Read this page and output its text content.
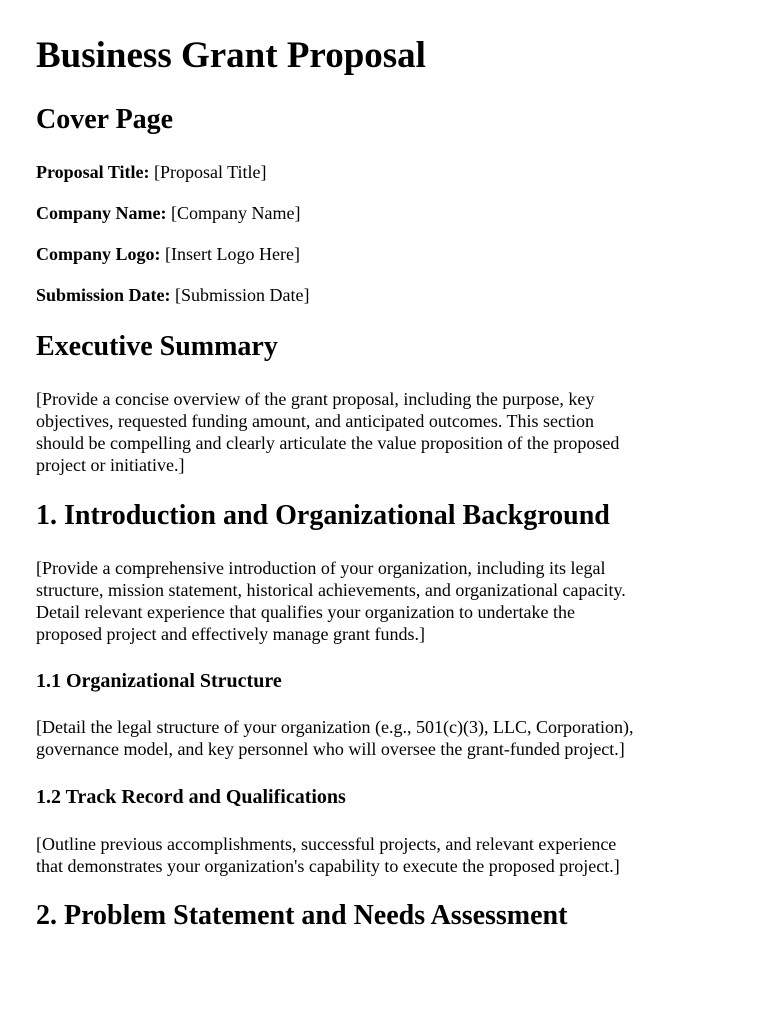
Business Grant Proposal
Cover Page

Proposal Title: [Proposal Title]

Company Name: [Company Name]

Company Logo: [Insert Logo Here]

Submission Date: [Submission Date]

Executive Summary

[Provide a concise overview of the grant proposal, including the purpose, key
objectives, requested funding amount, and anticipated outcomes. This section
should be compelling and clearly articulate the value proposition of the proposed
project or initiative.]

1. Introduction and Organizational Background

[Provide a comprehensive introduction of your organization, including its legal
structure, mission statement, historical achievements, and organizational capacity.
Detail relevant experience that qualifies your organization to undertake the
proposed project and effectively manage grant funds.]

1.1 Organizational Structure

[Detail the legal structure of your organization (e.g., 501(c)(3), LLC, Corporation),
governance model, and key personnel who will oversee the grant-funded project.]

1.2 Track Record and Qualifications

[Outline previous accomplishments, successful projects, and relevant experience
that demonstrates your organization's capability to execute the proposed project.]

2. Problem Statement and Needs Assessment
